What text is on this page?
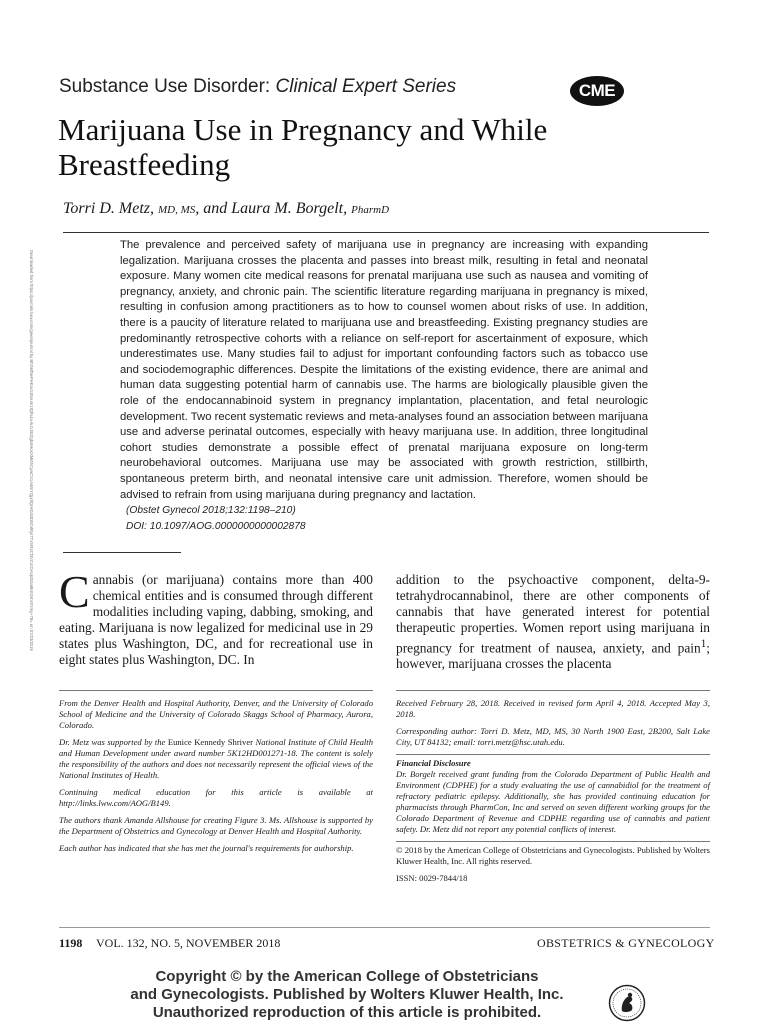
Substance Use Disorder: Clinical Expert Series	CME
Marijuana Use in Pregnancy and While Breastfeeding
Torri D. Metz, MD, MS, and Laura M. Borgelt, PharmD
Downloaded from https://journals.lww.com/greenjournal by BhDMf5ePHKav1zEoum1tQfN4a+kJLhEZgbsIHo4XMi0hCywCX1AWnYQp/IlQrHD3i3D0OdRyi7TvSFl4Cf3VC4/OAVpDDa8KKGKV0Ymy+78= on 07/23/2019
The prevalence and perceived safety of marijuana use in pregnancy are increasing with expanding legalization. Marijuana crosses the placenta and passes into breast milk, resulting in fetal and neonatal exposure. Many women cite medical reasons for prenatal marijuana use such as nausea and vomiting of pregnancy, anxiety, and chronic pain. The scientific literature regarding marijuana in pregnancy is mixed, resulting in confusion among practitioners as to how to counsel women about risks of use. In addition, there is a paucity of literature related to marijuana use and breastfeeding. Existing pregnancy studies are predominantly retrospective cohorts with a reliance on self-report for ascertainment of exposure, which underestimates use. Many studies fail to adjust for important confounding factors such as tobacco use and sociodemographic differences. Despite the limitations of the existing evidence, there are animal and human data suggesting potential harm of cannabis use. The harms are biologically plausible given the role of the endocannabinoid system in pregnancy implantation, placentation, and fetal neurologic development. Two recent systematic reviews and meta-analyses found an association between marijuana use and adverse perinatal outcomes, especially with heavy marijuana use. In addition, three longitudinal cohort studies demonstrate a possible effect of prenatal marijuana exposure on long-term neurobehavioral outcomes. Marijuana use may be associated with growth restriction, stillbirth, spontaneous preterm birth, and neonatal intensive care unit admission. Therefore, women should be advised to refrain from using marijuana during pregnancy and lactation.
(Obstet Gynecol 2018;132:1198–210)
DOI: 10.1097/AOG.0000000000002878
Cannabis (or marijuana) contains more than 400 chemical entities and is consumed through different modalities including vaping, dabbing, smoking, and eating. Marijuana is now legalized for medicinal use in 29 states plus Washington, DC, and for recreational use in eight states plus Washington, DC. In
addition to the psychoactive component, delta-9-tetrahydrocannabinol, there are other components of cannabis that have generated interest for potential therapeutic properties. Women report using marijuana in pregnancy for treatment of nausea, anxiety, and pain$^1$; however, marijuana crosses the placenta

From the Denver Health and Hospital Authority, Denver, and the University of Colorado School of Medicine and the University of Colorado Skaggs School of Pharmacy, Aurora, Colorado.

Dr. Metz was supported by the Eunice Kennedy Shriver National Institute of Child Health and Human Development under award number 5K12HD001271-18. The content is solely the responsibility of the authors and does not necessarily represent the official views of the National Institutes of Health.

Continuing medical education for this article is available at http://links.lww.com/AOG/B149.

The authors thank Amanda Allshouse for creating Figure 3. Ms. Allshouse is supported by the Department of Obstetrics and Gynecology at Denver Health and Hospital Authority.

Each author has indicated that she has met the journal's requirements for authorship.

Received February 28, 2018. Received in revised form April 4, 2018. Accepted May 3, 2018.

Corresponding author: Torri D. Metz, MD, MS, 30 North 1900 East, 2B200, Salt Lake City, UT 84132; email: torri.metz@hsc.utah.edu.

Financial Disclosure

Dr. Borgelt received grant funding from the Colorado Department of Public Health and Environment (CDPHE) for a study evaluating the use of cannabidiol for the treatment of refractory pediatric epilepsy. Additionally, she has provided continuing education for pharmacists through PharmCon, Inc and served on seven different working groups for the Colorado Department of Revenue and CDPHE regarding use of cannabis and patient safety. Dr. Metz did not report any potential conflicts of interest.

© 2018 by the American College of Obstetricians and Gynecologists. Published by Wolters Kluwer Health, Inc. All rights reserved.

ISSN: 0029-7844/18

1198 VOL. 132, NO. 5, NOVEMBER 2018	OBSTETRICS & GYNECOLOGY
Copyright © by the American College of Obstetricians
and Gynecologists. Published by Wolters Kluwer Health, Inc.
Unauthorized reproduction of this article is prohibited.
